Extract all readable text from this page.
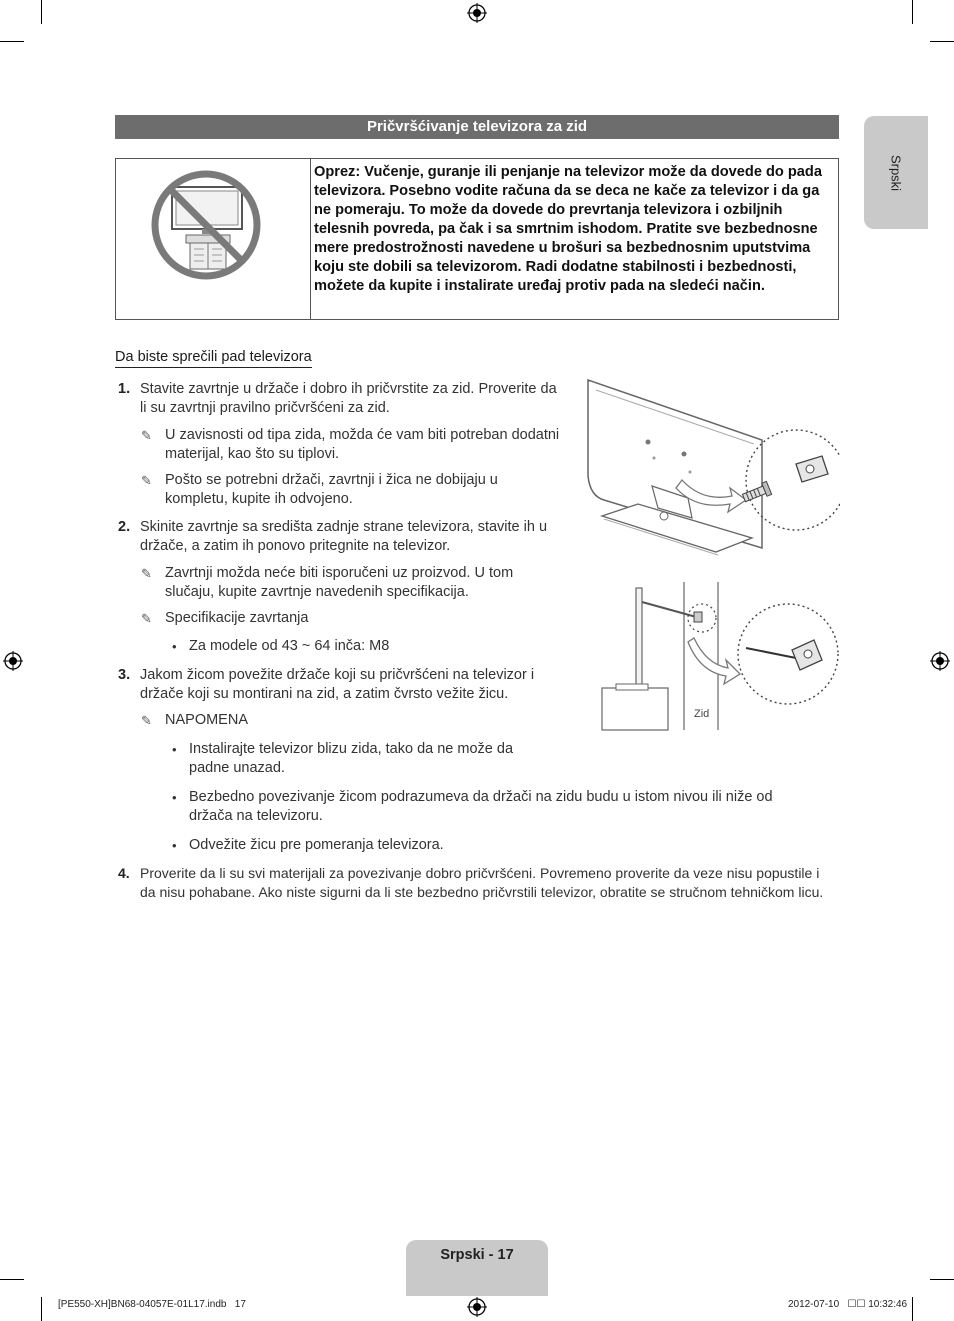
Srpski
Pričvršćivanje televizora za zid
Oprez: Vučenje, guranje ili penjanje na televizor može da dovede do pada televizora. Posebno vodite računa da se deca ne kače za televizor i da ga ne pomeraju. To može da dovede do prevrtanja televizora i ozbiljnih telesnih povreda, pa čak i sa smrtnim ishodom. Pratite sve bezbednosne mere predostrožnosti navedene u brošuri sa bezbednosnim uputstvima koju ste dobili sa televizorom. Radi dodatne stabilnosti i bezbednosti, možete da kupite i instalirate uređaj protiv pada na sledeći način.
Da biste sprečili pad televizora
1. Stavite zavrtnje u držače i dobro ih pričvrstite za zid. Proverite da li su zavrtnji pravilno pričvršćeni za zid.
✎ U zavisnosti od tipa zida, možda će vam biti potreban dodatni materijal, kao što su tiplovi.
✎ Pošto se potrebni držači, zavrtnji i žica ne dobijaju u kompletu, kupite ih odvojeno.
2. Skinite zavrtnje sa središta zadnje strane televizora, stavite ih u držače, a zatim ih ponovo pritegnite na televizor.
✎ Zavrtnji možda neće biti isporučeni uz proizvod. U tom slučaju, kupite zavrtnje navedenih specifikacija.
✎ Specifikacije zavrtanja
• Za modele od 43 ~ 64 inča: M8
3. Jakom žicom povežite držače koji su pričvršćeni na televizor i držače koji su montirani na zid, a zatim čvrsto vežite žicu.
✎ NAPOMENA
• Instalirajte televizor blizu zida, tako da ne može da padne unazad.
• Bezbedno povezivanje žicom podrazumeva da držači na zidu budu u istom nivou ili niže od držača na televizoru.
• Odvežite žicu pre pomeranja televizora.
4. Proverite da li su svi materijali za povezivanje dobro pričvršćeni. Povremeno proverite da veze nisu popustile i da nisu pohabane. Ako niste sigurni da li ste bezbedno pričvrstili televizor, obratite se stručnom tehničkom licu.
Zid
Srpski - 17
[PE550-XH]BN68-04057E-01L17.indb   17	2012-07-10   ☐☐ 10:32:46
